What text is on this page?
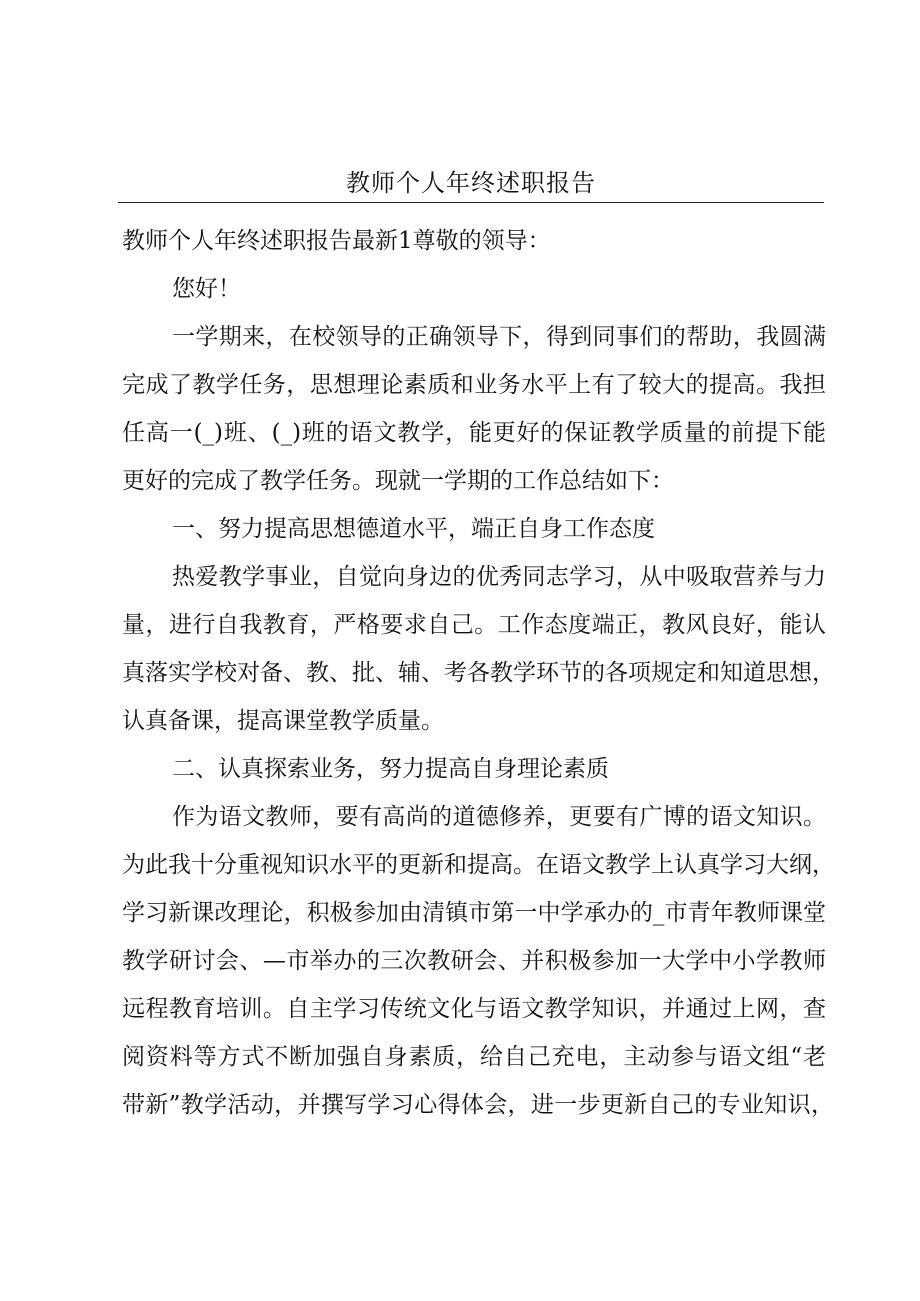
教师个人年终述职报告

教师个人年终述职报告最新1尊敬的领导：

您好！

一学期来，在校领导的正确领导下，得到同事们的帮助，我圆满

完成了教学任务，思想理论素质和业务水平上有了较大的提高。我担

任高一(_)班、(_)班的语文教学，能更好的保证教学质量的前提下能

更好的完成了教学任务。现就一学期的工作总结如下：

一、努力提高思想德道水平，端正自身工作态度

热爱教学事业，自觉向身边的优秀同志学习，从中吸取营养与力

量，进行自我教育，严格要求自己。工作态度端正，教风良好，能认

真落实学校对备、教、批、辅、考各教学环节的各项规定和知道思想，

认真备课，提高课堂教学质量。

二、认真探索业务，努力提高自身理论素质

作为语文教师，要有高尚的道德修养，更要有广博的语文知识。

为此我十分重视知识水平的更新和提高。在语文教学上认真学习大纲，

学习新课改理论，积极参加由清镇市第一中学承办的_市青年教师课堂

教学研讨会、—市举办的三次教研会、并积极参加一大学中小学教师

远程教育培训。自主学习传统文化与语文教学知识，并通过上网，查

阅资料等方式不断加强自身素质，给自己充电，主动参与语文组“老

带新”教学活动，并撰写学习心得体会，进一步更新自己的专业知识，
